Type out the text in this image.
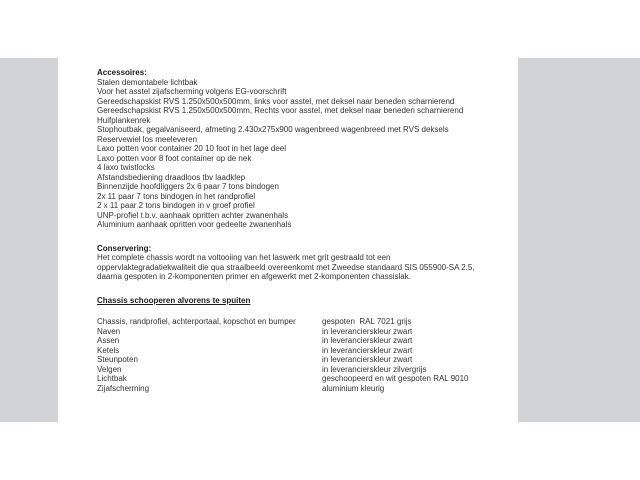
Accessoires:
Stalen demontabele lichtbak
Voor het asstel zijafscherming volgens EG-voorschrift
Gereedschapskist RVS 1.250x500x500mm, links voor asstel, met deksel naar beneden scharnierend
Gereedschapskist RVS 1.250x500x500mm, Rechts voor asstel, met deksel naar beneden scharnierend
Huifplankenrek
Stophoutbak, gegalvaniseerd, afmeting 2.430x275x900 wagenbreed wagenbreed met RVS deksels
Reservewiel los meeleveren
Laxo potten voor container 20 10 foot in het lage deel
Laxo potten voor 8 foot container op de nek
4 laxo twistlocks
Afstandsbediening draadloos tbv laadklep
Binnenzijde hoofdliggers 2x 6 paar 7 tons bindogen
2x 11 paar 7 tons bindogen in het randprofiel
2 x 11 paar 2 tons bindogen in v groef profiel
UNP-profiel t.b.v. aanhaak opritten achter zwanenhals
Aluminium aanhaak opritten voor gedeelte zwanenhals
Conservering:
Het complete chassis wordt na voltooiing van het laswerk met grit gestraald tot een
oppervlaktegradatiekwaliteit die qua straalbeeld overeenkomt met Zweedse standaard SIS 055900-SA 2.5,
daarna gespoten in 2-komponenten primer en afgewerkt met 2-komponenten chassislak.
Chassis schooperen alvorens te spuiten
Chassis, randprofiel, achterportaal, kopschot en bumper	gespoten  RAL 7021 grijs
Naven	in leverancierskleur zwart
Assen	in leverancierskleur zwart
Ketels	in leverancierskleur zwart
Steunpoten	in leverancierskleur zwart
Velgen	in leverancierskleur zilvergrijs
Lichtbak	geschoopeerd en wit gespoten RAL 9010
Zijafscherming	aluminium kleurig
